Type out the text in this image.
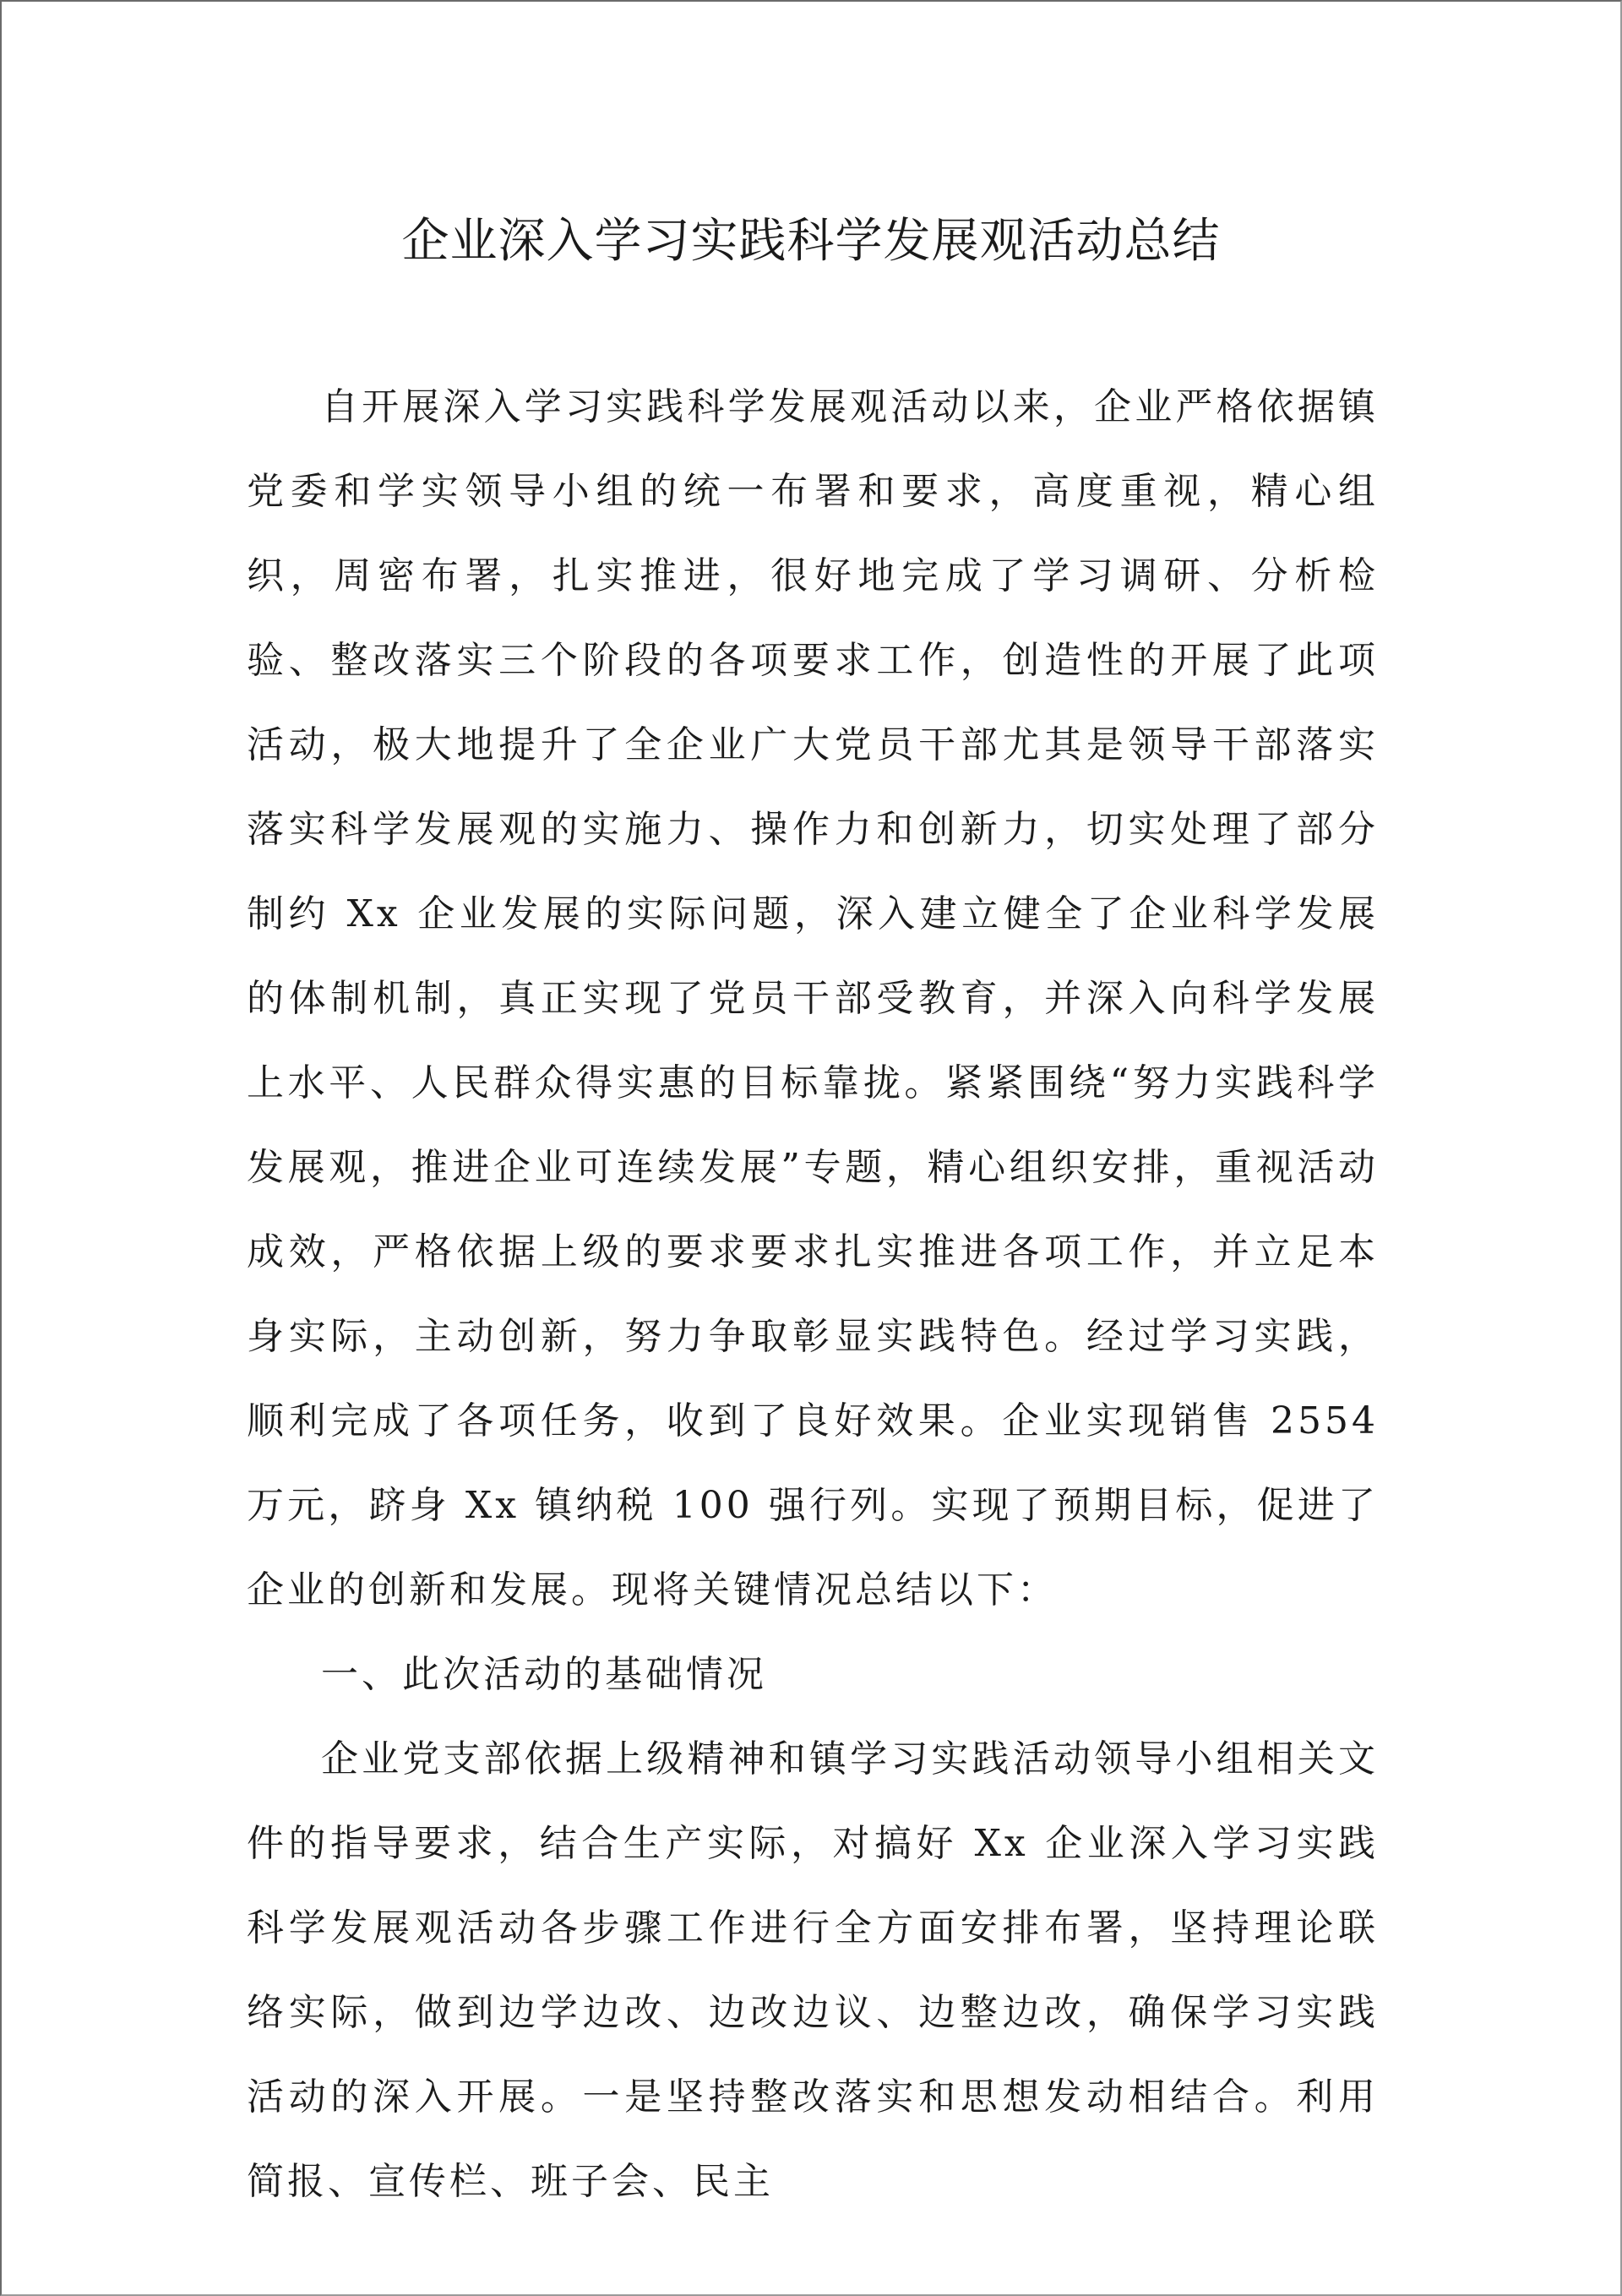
企业深入学习实践科学发展观活动总结

自开展深入学习实践科学发展观活动以来，企业严格依据镇党委和学实领导小组的统一布署和要求，高度重视，精心组织，周密布署，扎实推进，很好地完成了学习调研、分析检验、整改落实三个阶段的各项要求工作，创造性的开展了此项活动，极大地提升了全企业广大党员干部尤其是领导干部落实落实科学发展观的实施力、操作力和创新力，切实处理了部分制约 Xx 企业发展的实际问题，深入建立健全了企业科学发展的体制机制，真正实现了党员干部受教育，并深入向科学发展上水平、人民群众得实惠的目标靠拢。紧紧围绕“努力实践科学发展观，推进企业可连续发展”专题，精心组织安排，重视活动成效，严格依据上级的要求要求扎实推进各项工作，并立足本身实际，主动创新，努力争取彰显实践特色。经过学习实践，顺利完成了各项任务，收到了良好效果。企业实现销售 2554 万元，跻身 Xx 镇纳税 100 强行列。实现了预期目标，促进了企业的创新和发展。现将关键情况总结以下：

一、此次活动的基础情况

企业党支部依据上级精神和镇学习实践活动领导小组相关文件的指导要求，结合生产实际，对搞好 Xx 企业深入学习实践科学发展观活动各步骤工作进行全方面安排布署，坚持理论联络实际，做到边学边改、边改边议、边整边改，确保学习实践活动的深入开展。一是坚持整改落实和思想发动相结合。利用简报、宣传栏、班子会、民主
